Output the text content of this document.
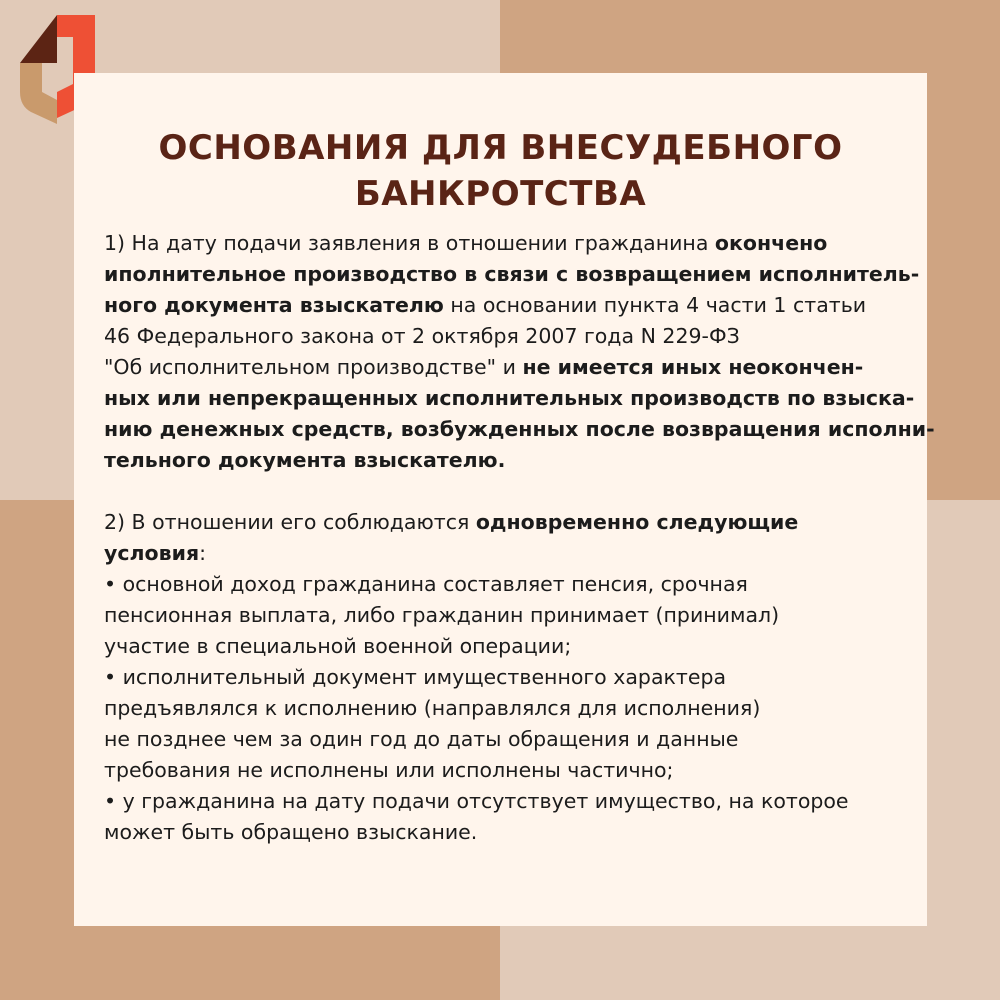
ОСНОВАНИЯ ДЛЯ ВНЕСУДЕБНОГО
БАНКРОТСТВА
1) На дату подачи заявления в отношении гражданина окончено
иполнительное производство в связи с возвращением исполнитель-
ного документа взыскателю на основании пункта 4 части 1 статьи
46 Федерального закона от 2 октября 2007 года N 229-ФЗ
"Об исполнительном производстве" и не имеется иных неокончен-
ных или непрекращенных исполнительных производств по взыска-
нию денежных средств, возбужденных после возвращения исполни-
тельного документа взыскателю.
2) В отношении его соблюдаются одновременно следующие
условия:
• основной доход гражданина составляет пенсия, срочная
пенсионная выплата, либо гражданин принимает (принимал)
участие в специальной военной операции;
• исполнительный документ имущественного характера
предъявлялся к исполнению (направлялся для исполнения)
не позднее чем за один год до даты обращения и данные
требования не исполнены или исполнены частично;
• у гражданина на дату подачи отсутствует имущество, на которое
может быть обращено взыскание.
